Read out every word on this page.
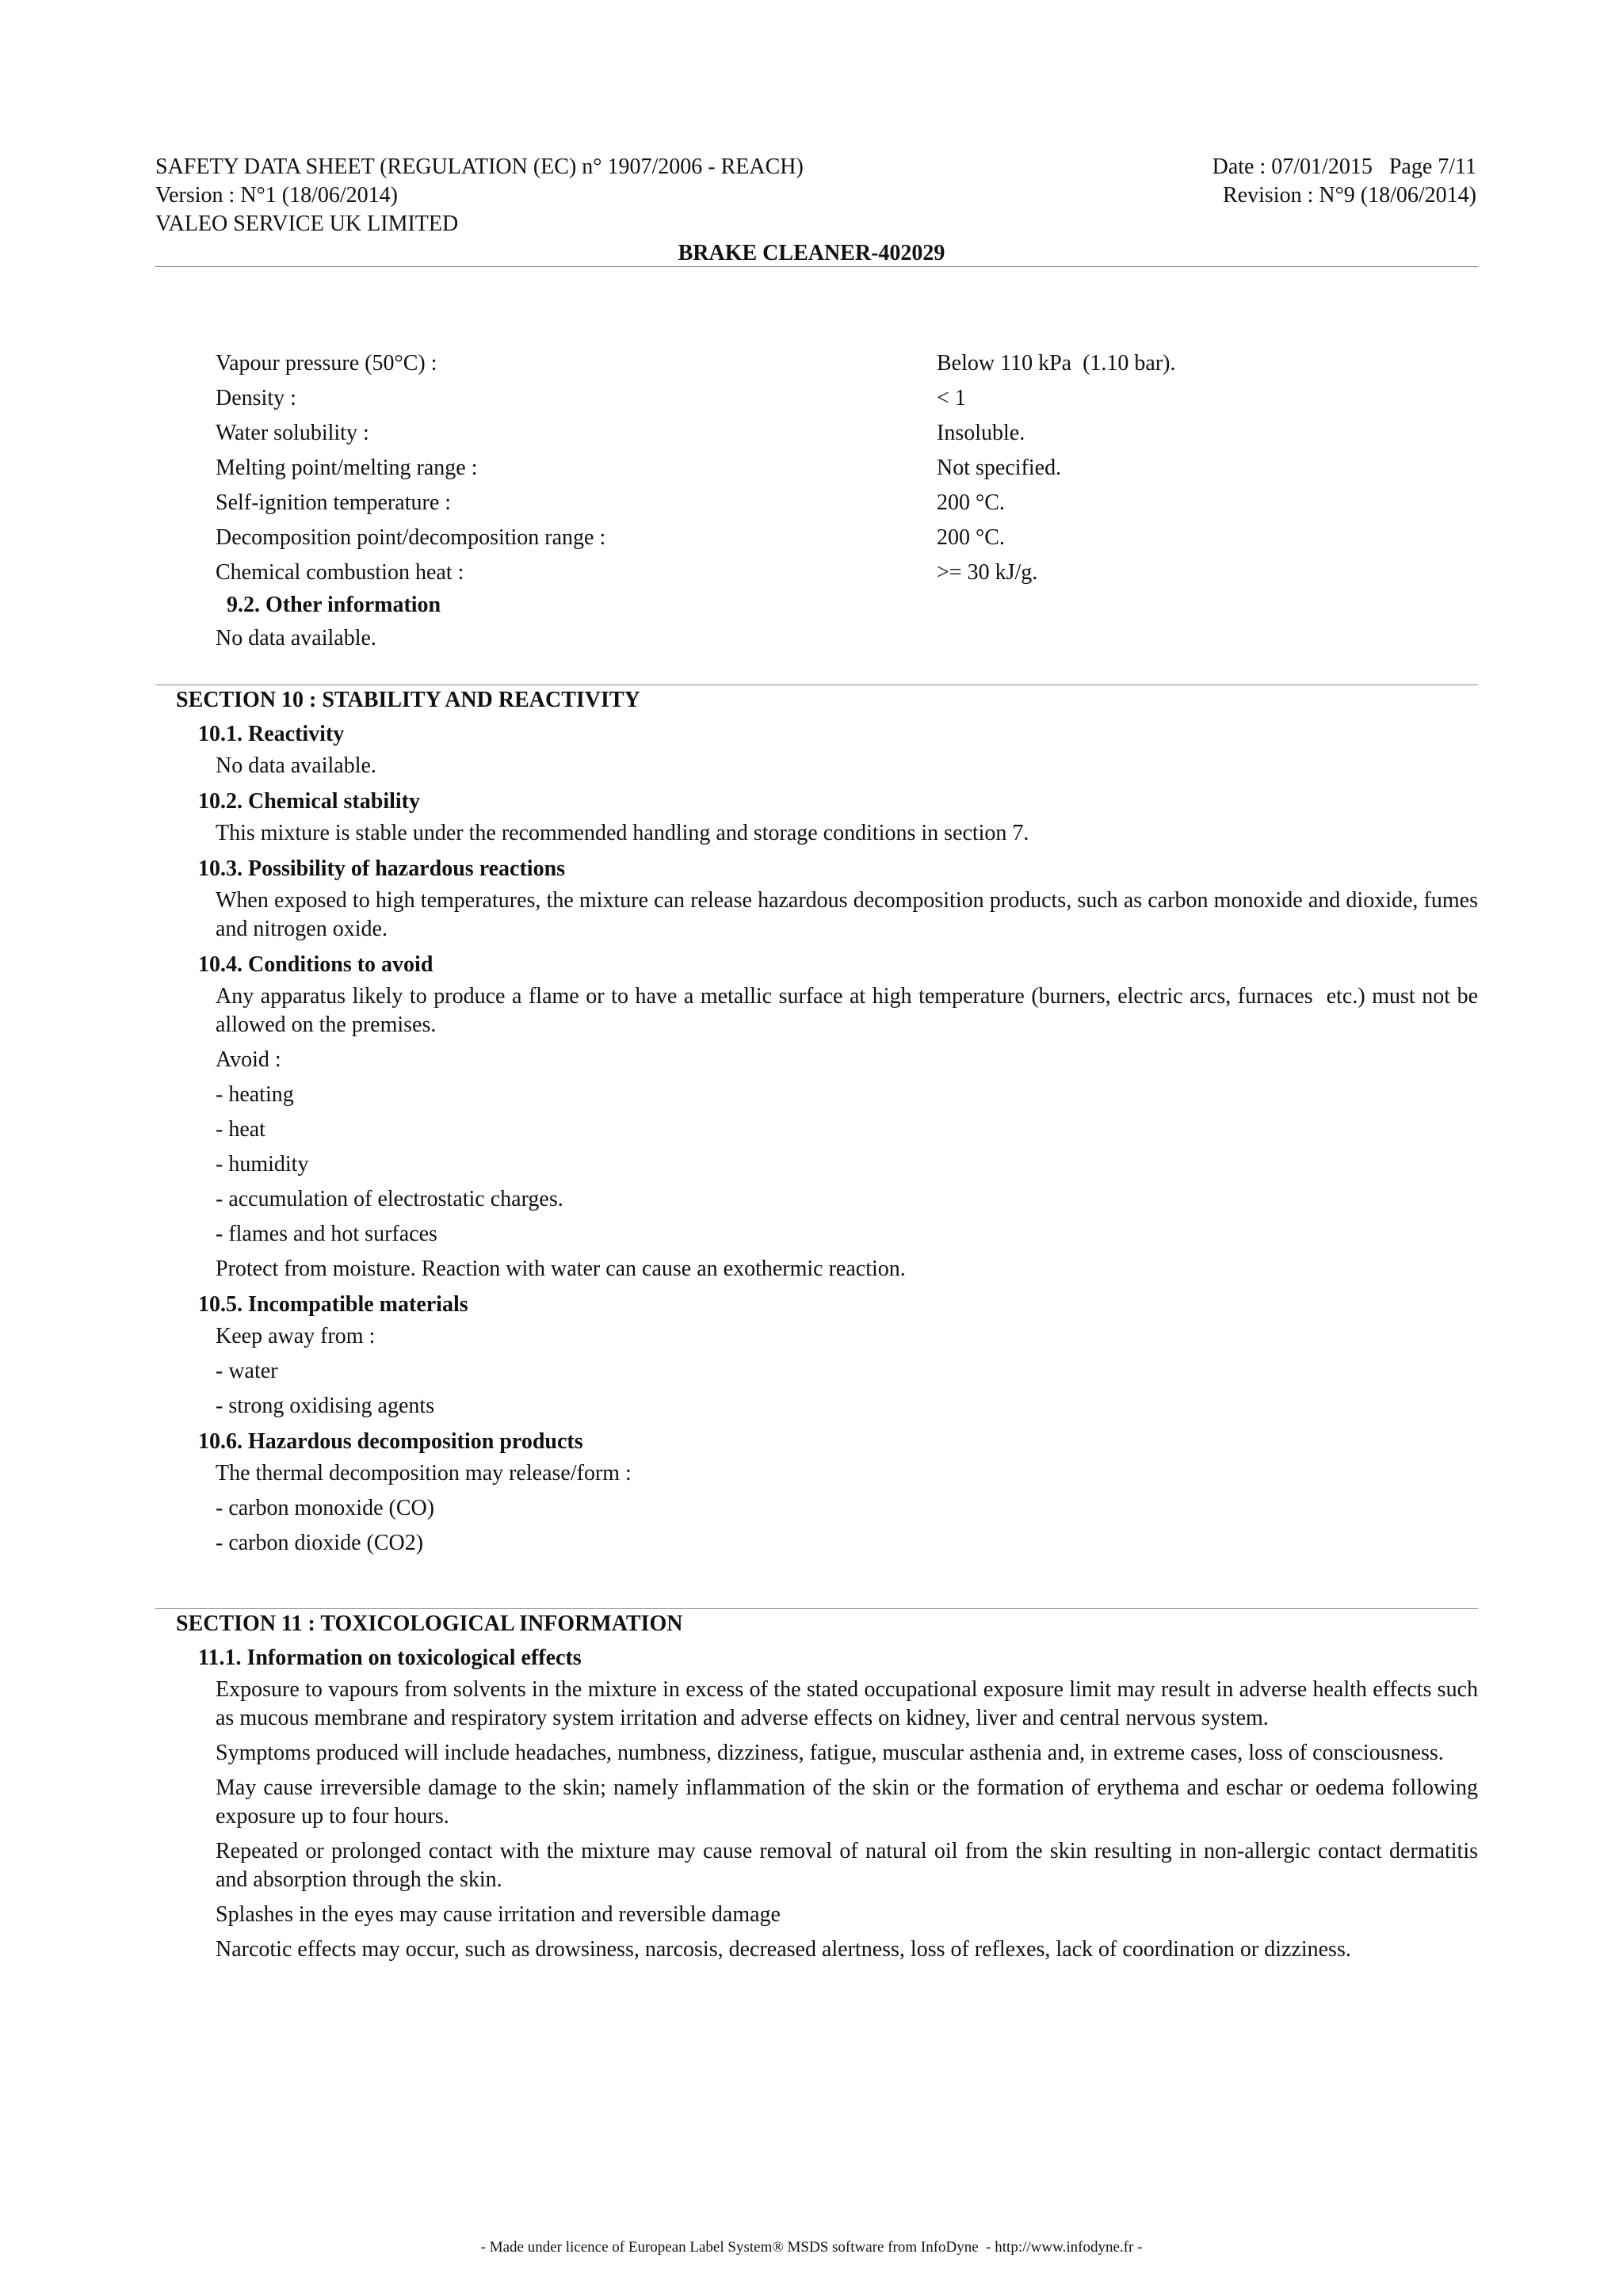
SAFETY DATA SHEET (REGULATION (EC) n° 1907/2006 - REACH)
Version : N°1 (18/06/2014)
VALEO SERVICE UK LIMITED
Date : 07/01/2015   Page 7/11
Revision : N°9 (18/06/2014)
BRAKE CLEANER-402029
Vapour pressure (50°C) :	Below 110 kPa  (1.10 bar).
Density :	< 1
Water solubility :	Insoluble.
Melting point/melting range :	Not specified.
Self-ignition temperature :	200 °C.
Decomposition point/decomposition range :	200 °C.
Chemical combustion heat :	>= 30 kJ/g.
9.2. Other information
No data available.
SECTION 10 : STABILITY AND REACTIVITY
10.1. Reactivity
No data available.
10.2. Chemical stability
This mixture is stable under the recommended handling and storage conditions in section 7.
10.3. Possibility of hazardous reactions
When exposed to high temperatures, the mixture can release hazardous decomposition products, such as carbon monoxide and dioxide, fumes and nitrogen oxide.
10.4. Conditions to avoid
Any apparatus likely to produce a flame or to have a metallic surface at high temperature (burners, electric arcs, furnaces  etc.) must not be allowed on the premises.
Avoid :
- heating
- heat
- humidity
- accumulation of electrostatic charges.
- flames and hot surfaces
Protect from moisture. Reaction with water can cause an exothermic reaction.
10.5. Incompatible materials
Keep away from :
- water
- strong oxidising agents
10.6. Hazardous decomposition products
The thermal decomposition may release/form :
- carbon monoxide (CO)
- carbon dioxide (CO2)
SECTION 11 : TOXICOLOGICAL INFORMATION
11.1. Information on toxicological effects
Exposure to vapours from solvents in the mixture in excess of the stated occupational exposure limit may result in adverse health effects such as mucous membrane and respiratory system irritation and adverse effects on kidney, liver and central nervous system.
Symptoms produced will include headaches, numbness, dizziness, fatigue, muscular asthenia and, in extreme cases, loss of consciousness.
May cause irreversible damage to the skin; namely inflammation of the skin or the formation of erythema and eschar or oedema following exposure up to four hours.
Repeated or prolonged contact with the mixture may cause removal of natural oil from the skin resulting in non-allergic contact dermatitis and absorption through the skin.
Splashes in the eyes may cause irritation and reversible damage
Narcotic effects may occur, such as drowsiness, narcosis, decreased alertness, loss of reflexes, lack of coordination or dizziness.
- Made under licence of European Label System® MSDS software from InfoDyne  - http://www.infodyne.fr -
